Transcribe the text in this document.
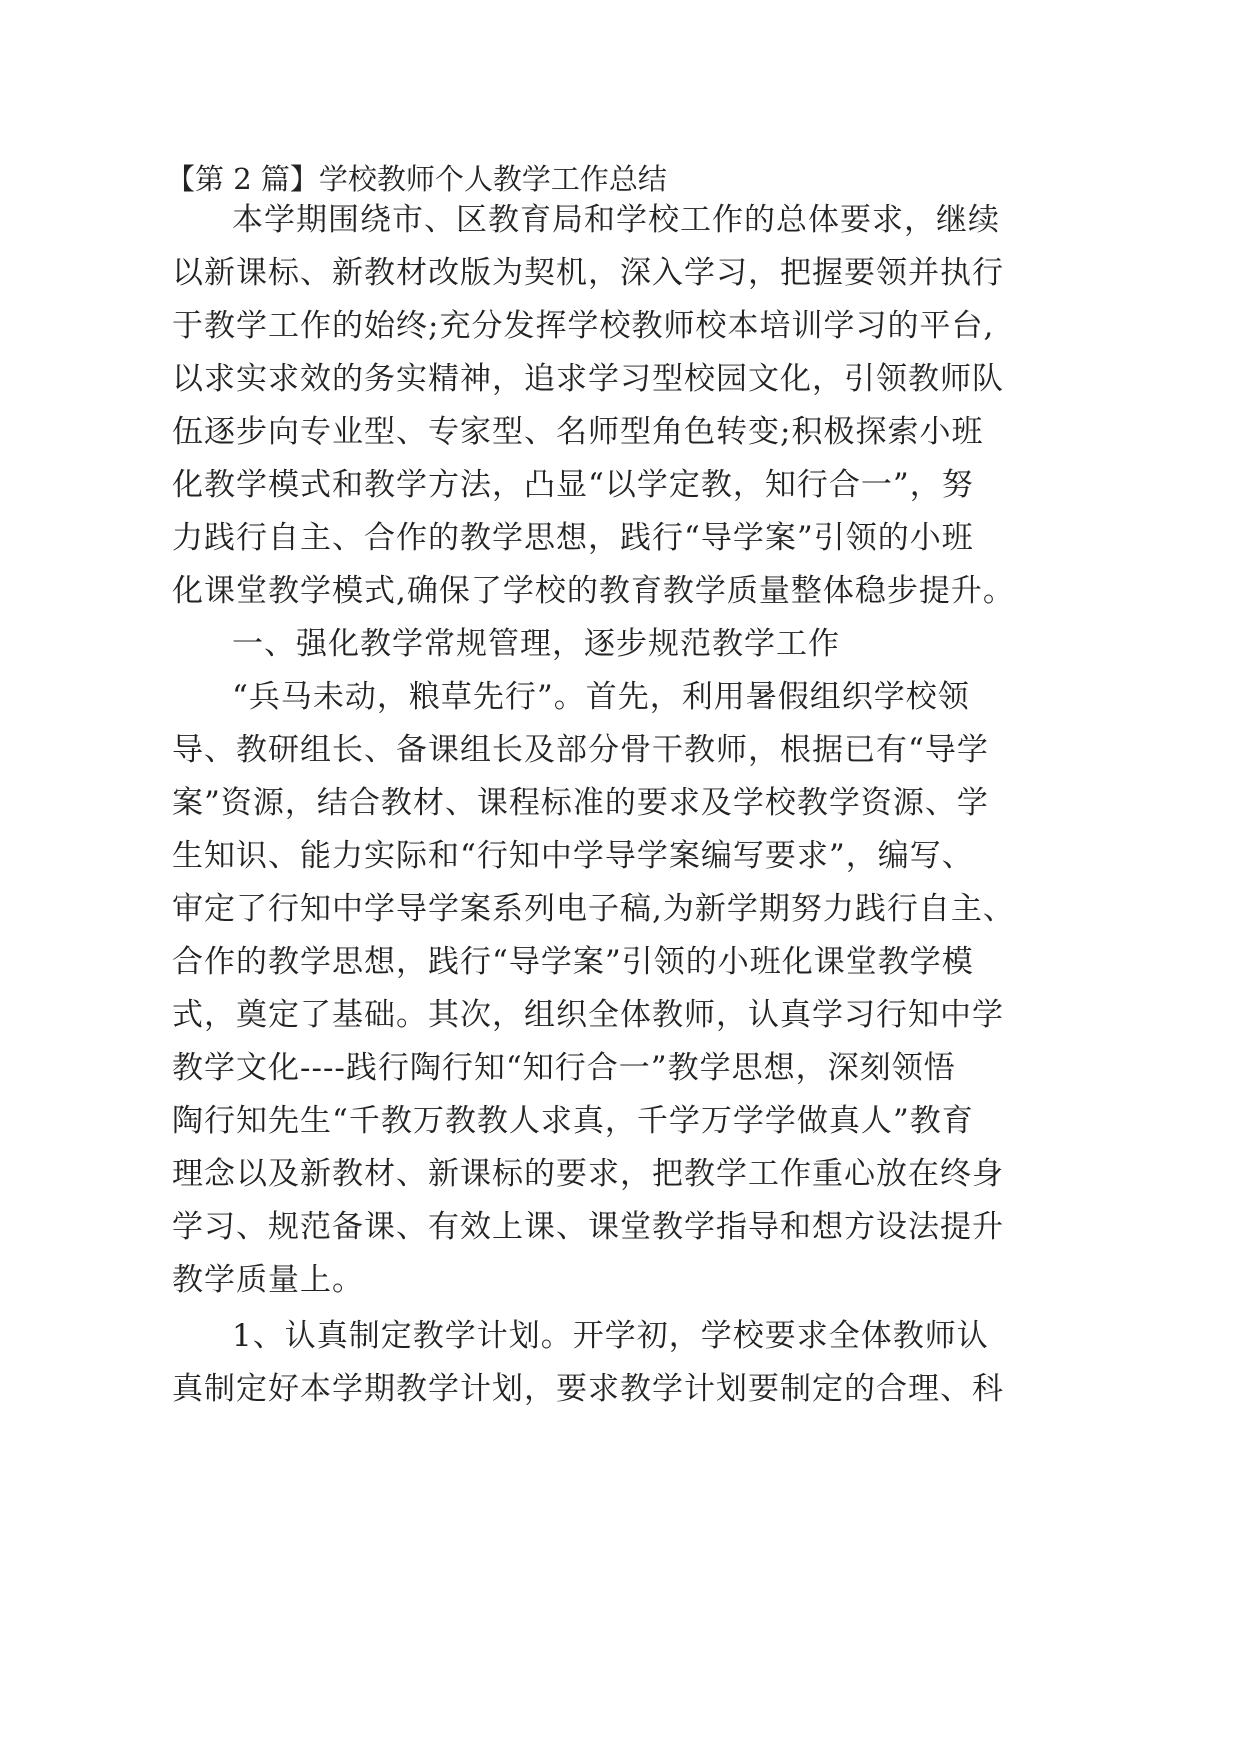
【第 2 篇】学校教师个人教学工作总结
本学期围绕市、区教育局和学校工作的总体要求，继续
以新课标、新教材改版为契机，深入学习，把握要领并执行
于教学工作的始终;充分发挥学校教师校本培训学习的平台,
以求实求效的务实精神，追求学习型校园文化，引领教师队
伍逐步向专业型、专家型、名师型角色转变;积极探索小班
化教学模式和教学方法，凸显“以学定教，知行合一”，努
力践行自主、合作的教学思想，践行“导学案”引领的小班
化课堂教学模式,确保了学校的教育教学质量整体稳步提升。
一、强化教学常规管理，逐步规范教学工作
“兵马未动，粮草先行”。首先，利用暑假组织学校领
导、教研组长、备课组长及部分骨干教师，根据已有“导学
案”资源，结合教材、课程标准的要求及学校教学资源、学
生知识、能力实际和“行知中学导学案编写要求”，编写、
审定了行知中学导学案系列电子稿,为新学期努力践行自主、
合作的教学思想，践行“导学案”引领的小班化课堂教学模
式，奠定了基础。其次，组织全体教师，认真学习行知中学
教学文化----践行陶行知“知行合一”教学思想，深刻领悟
陶行知先生“千教万教教人求真，千学万学学做真人”教育
理念以及新教材、新课标的要求，把教学工作重心放在终身
学习、规范备课、有效上课、课堂教学指导和想方设法提升
教学质量上。
1、认真制定教学计划。开学初，学校要求全体教师认
真制定好本学期教学计划，要求教学计划要制定的合理、科
